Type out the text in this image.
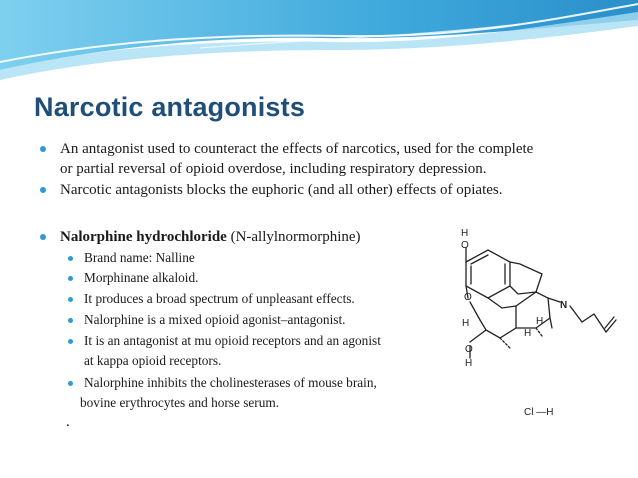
Narcotic antagonists
An antagonist used to counteract the effects of narcotics, used for the complete
or partial reversal of opioid overdose, including respiratory depression.
Narcotic antagonists blocks the euphoric (and all other) effects of opiates.
Nalorphine hydrochloride (N-allylnormorphine)
Brand name: Nalline
Morphinane alkaloid.
It produces a broad spectrum of unpleasant effects.
Nalorphine is a mixed opioid agonist–antagonist.
It is an antagonist at mu opioid receptors and an agonist
at kappa opioid receptors.
Nalorphine inhibits the cholinesterases of mouse brain,
bovine erythrocytes and horse serum.
.
H
O
O
N
H	H
H
O
H
Cl —H
